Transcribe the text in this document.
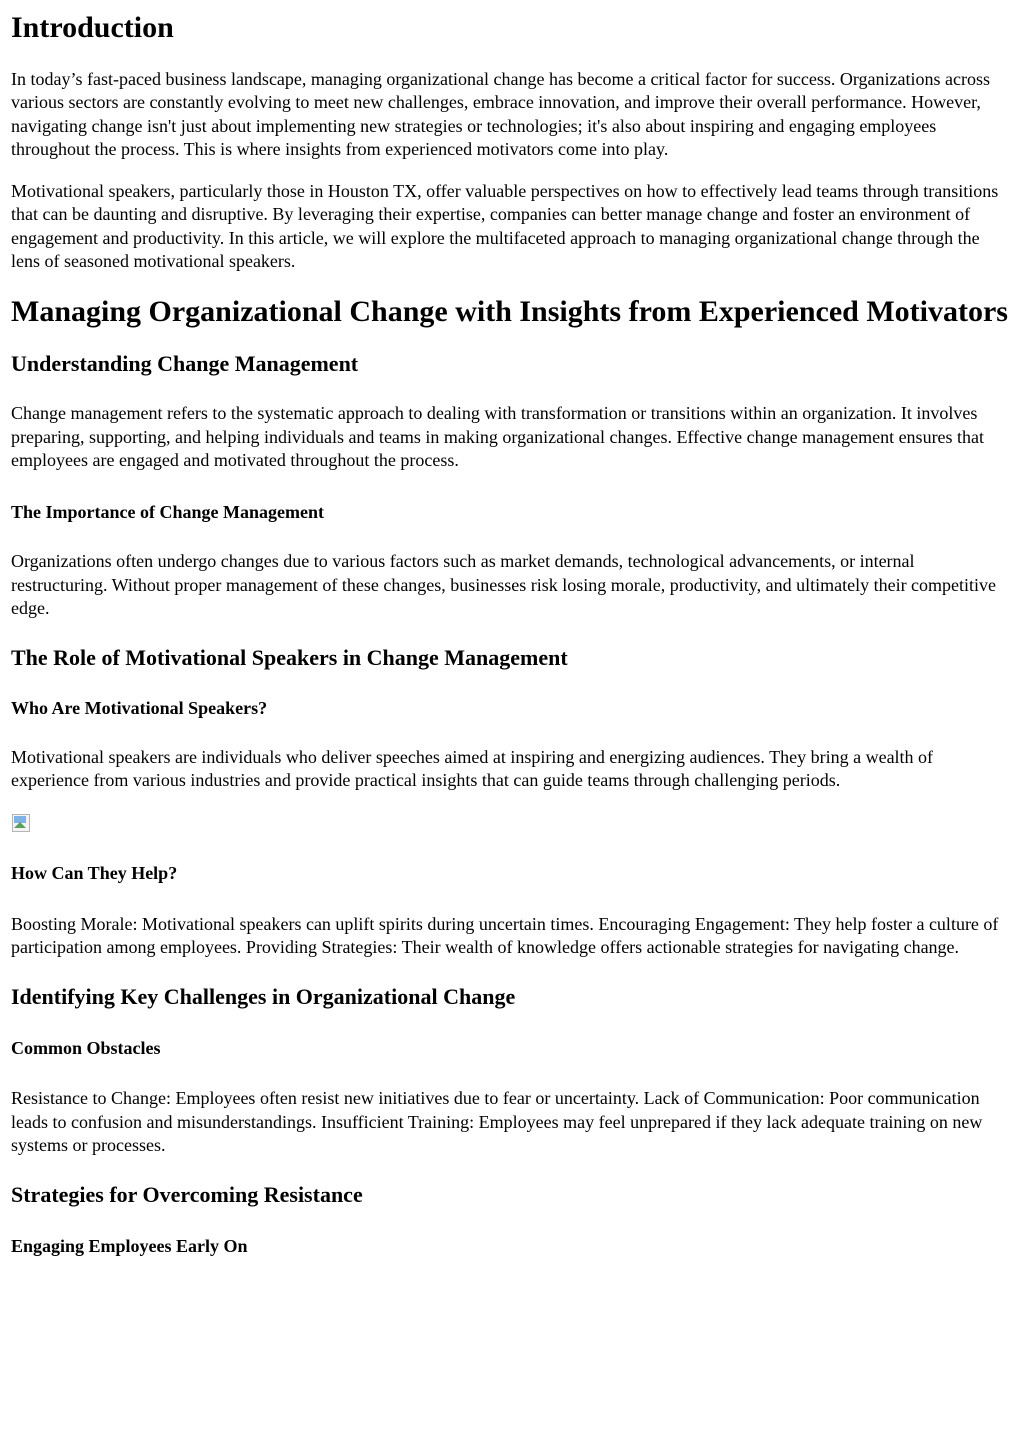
Introduction

In today’s fast-paced business landscape, managing organizational change has become a critical factor for success. Organizations across various sectors are constantly evolving to meet new challenges, embrace innovation, and improve their overall performance. However, navigating change isn't just about implementing new strategies or technologies; it's also about inspiring and engaging employees throughout the process. This is where insights from experienced motivators come into play.

Motivational speakers, particularly those in Houston TX, offer valuable perspectives on how to effectively lead teams through transitions that can be daunting and disruptive. By leveraging their expertise, companies can better manage change and foster an environment of engagement and productivity. In this article, we will explore the multifaceted approach to managing organizational change through the lens of seasoned motivational speakers.

Managing Organizational Change with Insights from Experienced Motivators
Understanding Change Management

Change management refers to the systematic approach to dealing with transformation or transitions within an organization. It involves preparing, supporting, and helping individuals and teams in making organizational changes. Effective change management ensures that employees are engaged and motivated throughout the process.

The Importance of Change Management

Organizations often undergo changes due to various factors such as market demands, technological advancements, or internal restructuring. Without proper management of these changes, businesses risk losing morale, productivity, and ultimately their competitive edge.

The Role of Motivational Speakers in Change Management
Who Are Motivational Speakers?

Motivational speakers are individuals who deliver speeches aimed at inspiring and energizing audiences. They bring a wealth of experience from various industries and provide practical insights that can guide teams through challenging periods.

How Can They Help?

Boosting Morale: Motivational speakers can uplift spirits during uncertain times. Encouraging Engagement: They help foster a culture of participation among employees. Providing Strategies: Their wealth of knowledge offers actionable strategies for navigating change.

Identifying Key Challenges in Organizational Change
Common Obstacles

Resistance to Change: Employees often resist new initiatives due to fear or uncertainty. Lack of Communication: Poor communication leads to confusion and misunderstandings. Insufficient Training: Employees may feel unprepared if they lack adequate training on new systems or processes.

Strategies for Overcoming Resistance
Engaging Employees Early On
